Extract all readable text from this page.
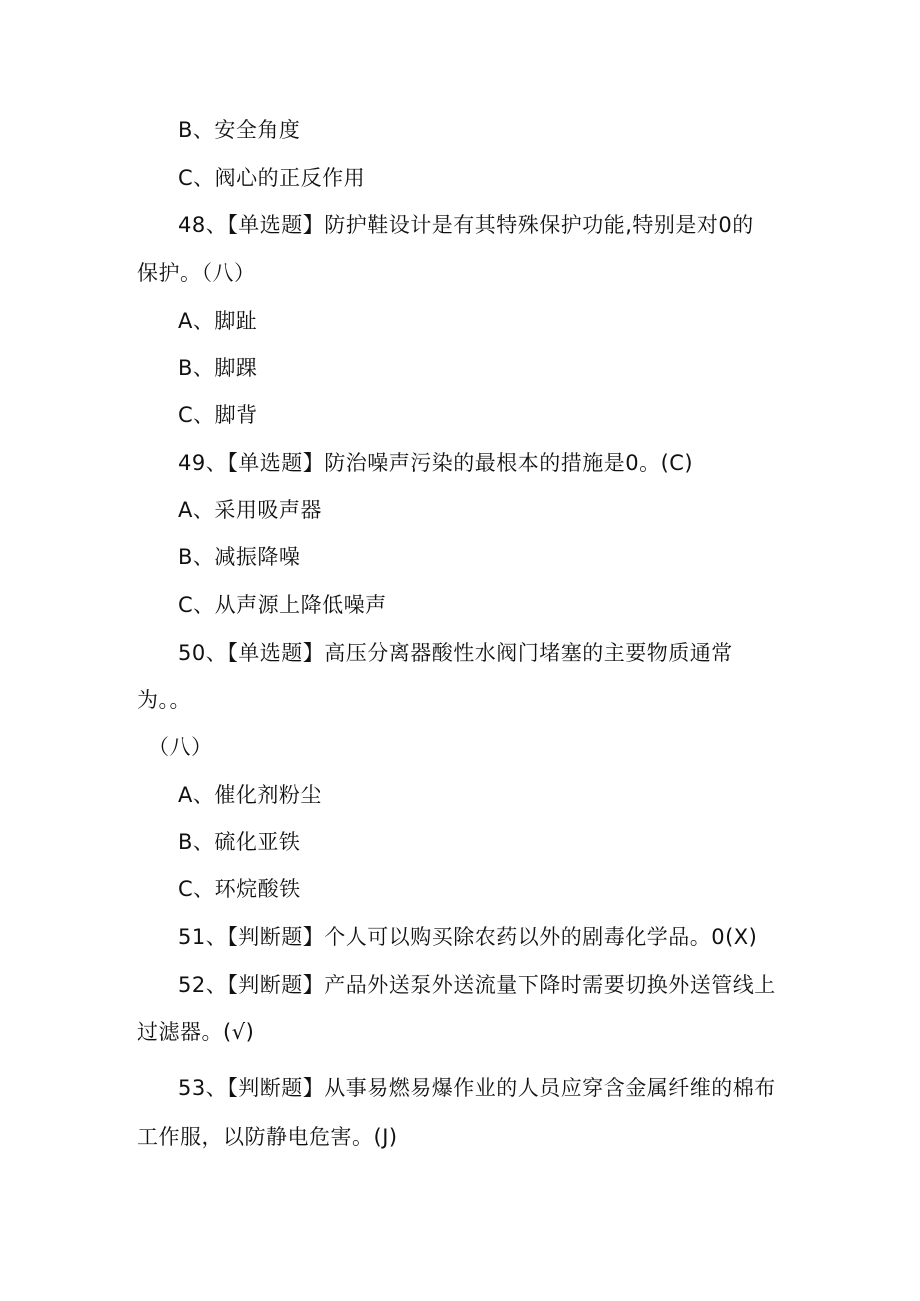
B、安全角度
C、阀心的正反作用
48、【单选题】防护鞋设计是有其特殊保护功能,特别是对0的
保护。（八）
A、脚趾
B、脚踝
C、脚背
49、【单选题】防治噪声污染的最根本的措施是0。(C)
A、采用吸声器
B、减振降噪
C、从声源上降低噪声
50、【单选题】高压分离器酸性水阀门堵塞的主要物质通常
为。。
（八）
A、催化剂粉尘
B、硫化亚铁
C、环烷酸铁
51、【判断题】个人可以购买除农药以外的剧毒化学品。0(X)
52、【判断题】产品外送泵外送流量下降时需要切换外送管线上
过滤器。(√)
53、【判断题】从事易燃易爆作业的人员应穿含金属纤维的棉布
工作服，以防静电危害。(J)
